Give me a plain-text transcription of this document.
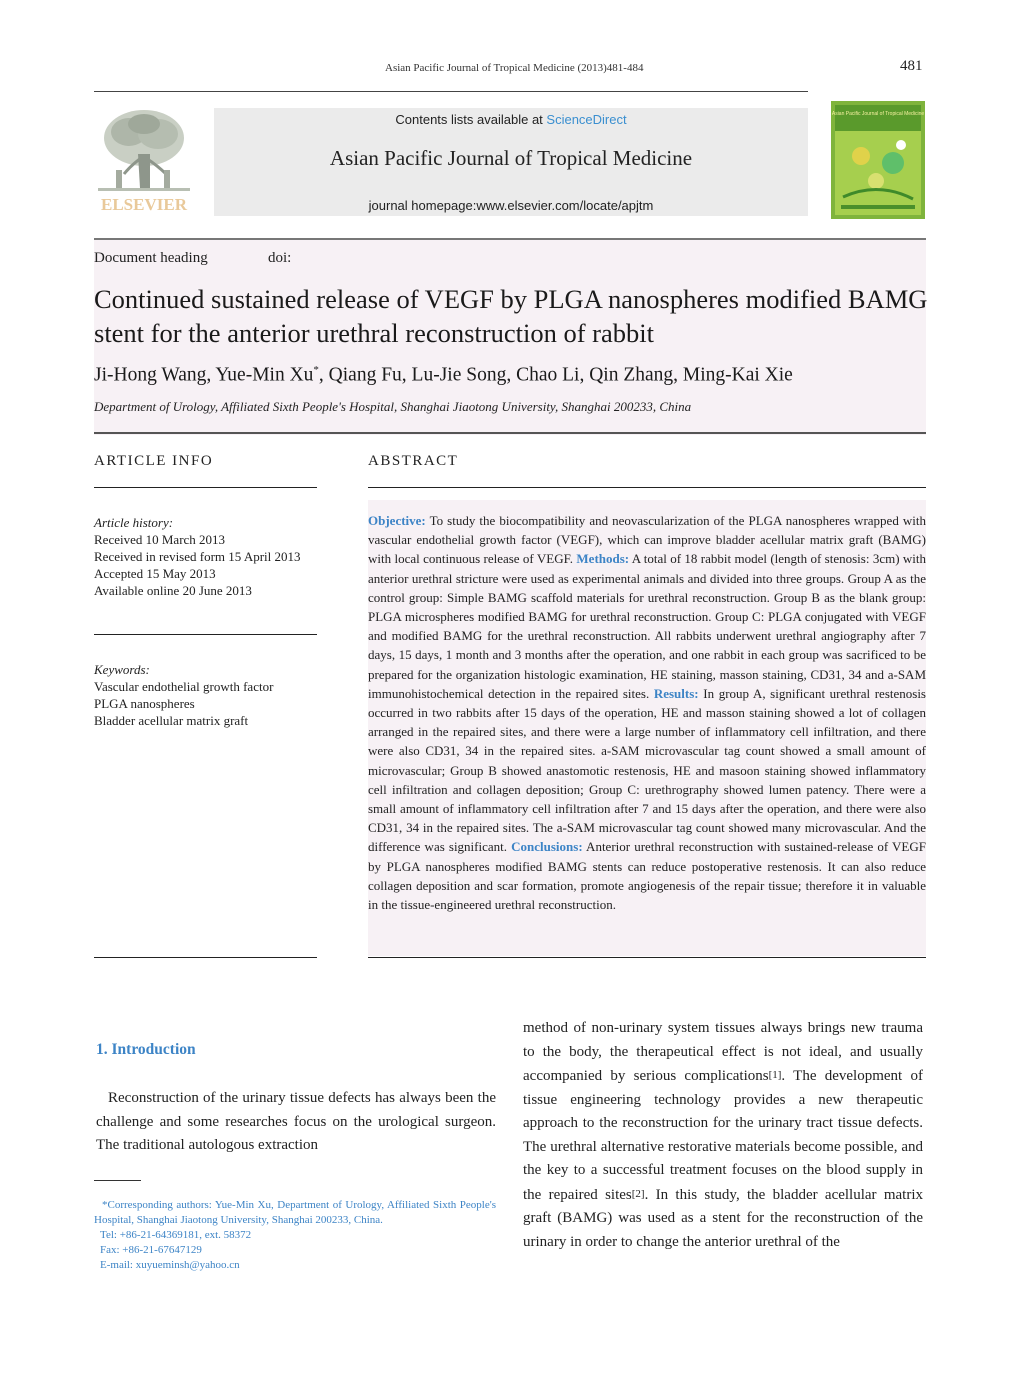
Asian Pacific Journal of Tropical Medicine (2013)481-484	481
ELSEVIER
Contents lists available at ScienceDirect
Asian Pacific Journal of Tropical Medicine
journal homepage:www.elsevier.com/locate/apjtm
Asian Pacific Journal of Tropical Medicine
Document heading	doi:
Continued sustained release of VEGF by PLGA nanospheres modified BAMG stent for the anterior urethral reconstruction of rabbit
Ji-Hong Wang, Yue-Min Xu*, Qiang Fu, Lu-Jie Song, Chao Li, Qin Zhang, Ming-Kai Xie
Department of Urology, Affiliated Sixth People's Hospital, Shanghai Jiaotong University, Shanghai 200233, China
ARTICLE INFO	ABSTRACT
Article history:
Received 10 March 2013
Received in revised form 15 April 2013
Accepted 15 May 2013
Available online 20 June 2013
Keywords:
Vascular endothelial growth factor
PLGA nanospheres
Bladder acellular matrix graft
Objective: To study the biocompatibility and neovascularization of the PLGA nanospheres wrapped with vascular endothelial growth factor (VEGF), which can improve bladder acellular matrix graft (BAMG) with local continuous release of VEGF. Methods: A total of 18 rabbit model (length of stenosis: 3cm) with anterior urethral stricture were used as experimental animals and divided into three groups. Group A as the control group: Simple BAMG scaffold materials for urethral reconstruction. Group B as the blank group: PLGA microspheres modified BAMG for urethral reconstruction. Group C: PLGA conjugated with VEGF and modified BAMG for the urethral reconstruction. All rabbits underwent urethral angiography after 7 days, 15 days, 1 month and 3 months after the operation, and one rabbit in each group was sacrificed to be prepared for the organization histologic examination, HE staining, masson staining, CD31, 34 and a-SAM immunohistochemical detection in the repaired sites. Results: In group A, significant urethral restenosis occurred in two rabbits after 15 days of the operation, HE and masson staining showed a lot of collagen arranged in the repaired sites, and there were a large number of inflammatory cell infiltration, and there were also CD31, 34 in the repaired sites. a-SAM microvascular tag count showed a small amount of microvascular; Group B showed anastomotic restenosis, HE and masoon staining showed inflammatory cell infiltration and collagen deposition; Group C: urethrography showed lumen patency. There were a small amount of inflammatory cell infiltration after 7 and 15 days after the operation, and there were also CD31, 34 in the repaired sites. The a-SAM microvascular tag count showed many microvascular. And the difference was significant. Conclusions: Anterior urethral reconstruction with sustained-release of VEGF by PLGA nanospheres modified BAMG stents can reduce postoperative restenosis. It can also reduce collagen deposition and scar formation, promote angiogenesis of the repair tissue; therefore it in valuable in the tissue-engineered urethral reconstruction.
1. Introduction
Reconstruction of the urinary tissue defects has always been the challenge and some researches focus on the urological surgeon. The traditional autologous extraction
method of non-urinary system tissues always brings new trauma to the body, the therapeutical effect is not ideal, and usually accompanied by serious complications[1]. The development of tissue engineering technology provides a new therapeutic approach to the reconstruction for the urinary tract tissue defects. The urethral alternative restorative materials become possible, and the key to a successful treatment focuses on the blood supply in the repaired sites[2]. In this study, the bladder acellular matrix graft (BAMG) was used as a stent for the reconstruction of the urinary in order to change the anterior urethral of the
*Corresponding authors: Yue-Min Xu, Department of Urology, Affiliated Sixth People's Hospital, Shanghai Jiaotong University, Shanghai 200233, China.
Tel: +86-21-64369181, ext. 58372
Fax: +86-21-67647129
E-mail: xuyueminsh@yahoo.cn
